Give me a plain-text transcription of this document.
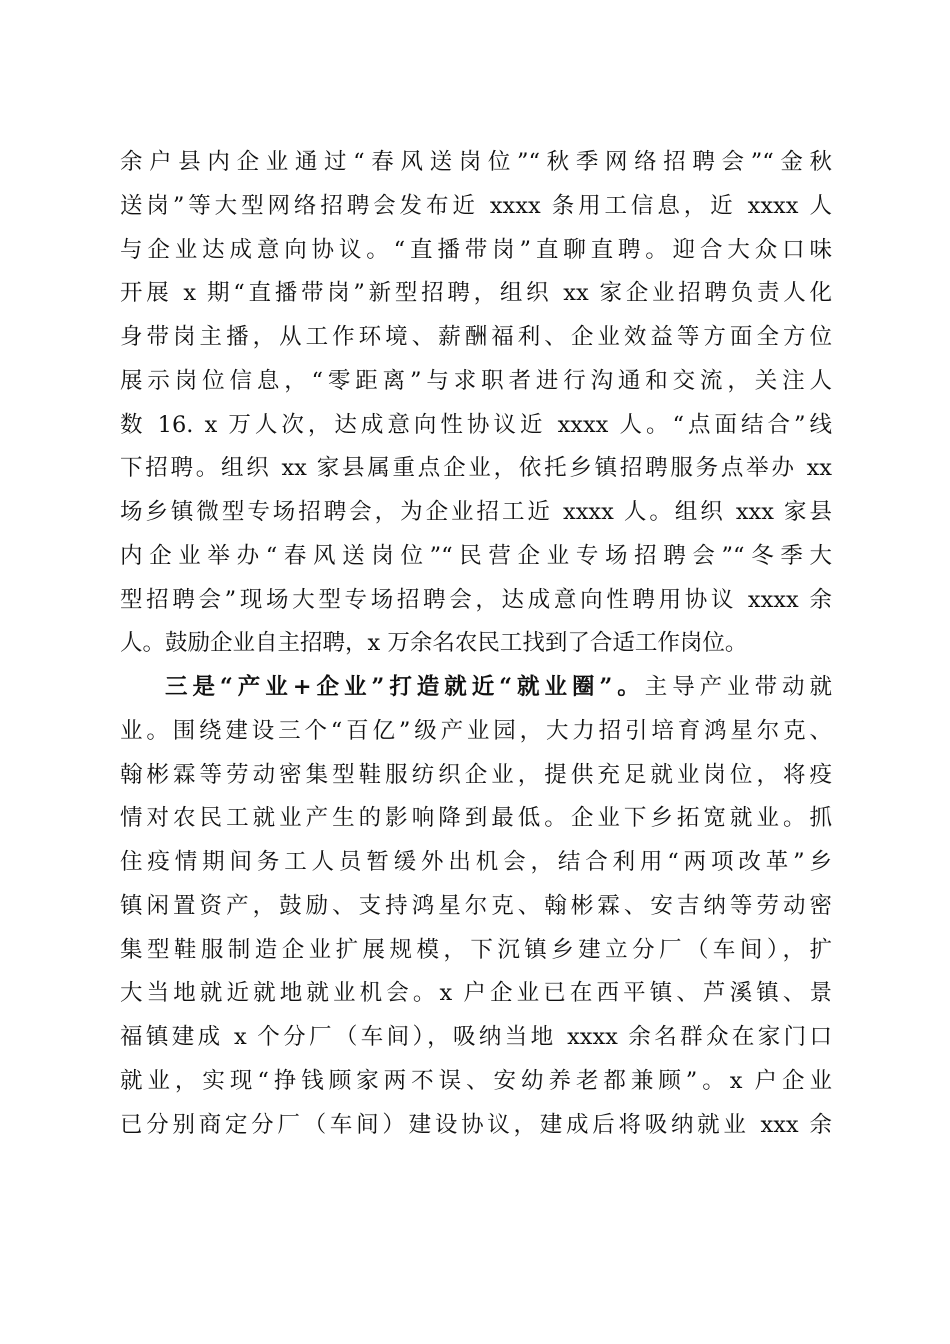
余户县内企业通过“春风送岗位”“秋季网络招聘会”“金秋
送岗”等大型网络招聘会发布近 xxxx 条用工信息，近 xxxx 人
与企业达成意向协议。“直播带岗”直聊直聘。迎合大众口味
开展 x 期“直播带岗”新型招聘，组织 xx 家企业招聘负责人化
身带岗主播，从工作环境、薪酬福利、企业效益等方面全方位
展示岗位信息，“零距离”与求职者进行沟通和交流，关注人
数 16. x 万人次，达成意向性协议近 xxxx 人。“点面结合”线
下招聘。组织 xx 家县属重点企业，依托乡镇招聘服务点举办 xx
场乡镇微型专场招聘会，为企业招工近 xxxx 人。组织 xxx 家县
内企业举办“春风送岗位”“民营企业专场招聘会”“冬季大
型招聘会”现场大型专场招聘会，达成意向性聘用协议 xxxx 余
人。鼓励企业自主招聘，x 万余名农民工找到了合适工作岗位。
三是“产业+企业”打造就近“就业圈”。主导产业带动就
业。围绕建设三个“百亿”级产业园，大力招引培育鸿星尔克、
翰彬霖等劳动密集型鞋服纺织企业，提供充足就业岗位，将疫
情对农民工就业产生的影响降到最低。企业下乡拓宽就业。抓
住疫情期间务工人员暂缓外出机会，结合利用“两项改革”乡
镇闲置资产，鼓励、支持鸿星尔克、翰彬霖、安吉纳等劳动密
集型鞋服制造企业扩展规模，下沉镇乡建立分厂（车间），扩
大当地就近就地就业机会。x 户企业已在西平镇、芦溪镇、景
福镇建成 x 个分厂（车间），吸纳当地 xxxx 余名群众在家门口
就业，实现“挣钱顾家两不误、安幼养老都兼顾”。x 户企业
已分别商定分厂（车间）建设协议，建成后将吸纳就业 xxx 余
